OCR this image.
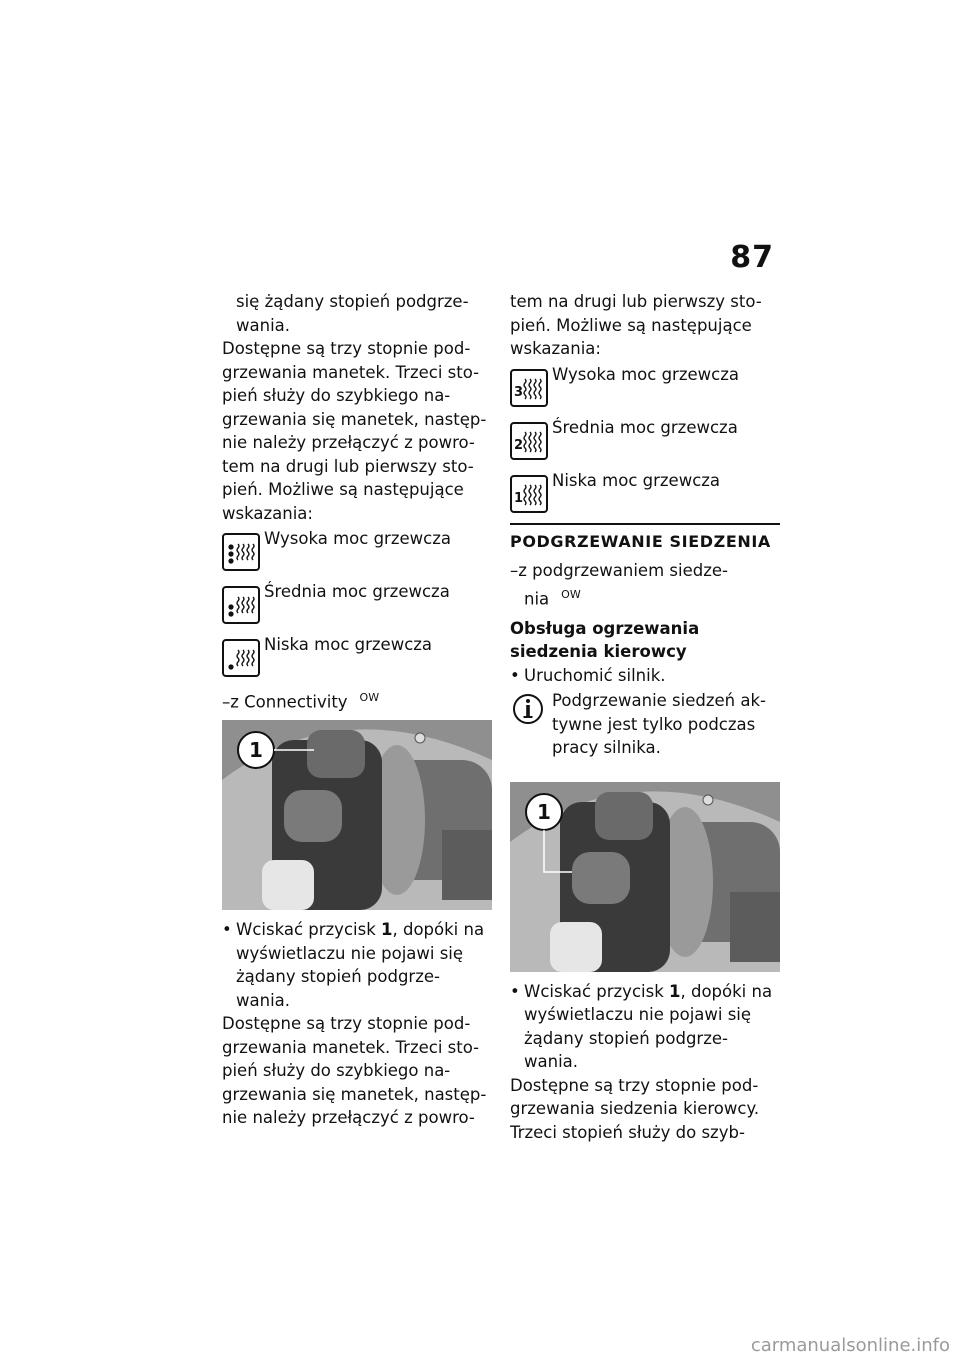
87

się żądany stopień podgrze-wania.

Dostępne są trzy stopnie pod-grzewania manetek. Trzeci sto-pień służy do szybkiego na-grzewania się manetek, następ-nie należy przełączyć z powro-tem na drugi lub pierwszy sto-pień. Możliwe są następujące wskazania:

Wysoka moc grzewcza
Średnia moc grzewcza
Niska moc grzewcza

–z Connectivity $^{OW}$

1

• Wciskać przycisk 1, dopóki na wyświetlaczu nie pojawi się żądany stopień podgrze-wania.

Dostępne są trzy stopnie pod-grzewania manetek. Trzeci sto-pień służy do szybkiego na-grzewania się manetek, następ-nie należy przełączyć z powro-

tem na drugi lub pierwszy sto-pień. Możliwe są następujące wskazania:

3
Wysoka moc grzewcza
2
Średnia moc grzewcza
1
Niska moc grzewcza
PODGRZEWANIE SIEDZENIA

–z podgrzewaniem siedze-nia $^{OW}$

Obsługa ogrzewania siedzenia kierowcy

• Uruchomić silnik.

Podgrzewanie siedzeń ak-tywne jest tylko podczas pracy silnika.

1

• Wciskać przycisk 1, dopóki na wyświetlaczu nie pojawi się żądany stopień podgrze-wania.

Dostępne są trzy stopnie pod-grzewania siedzenia kierowcy. Trzeci stopień służy do szyb-

carmanualsonline.info
